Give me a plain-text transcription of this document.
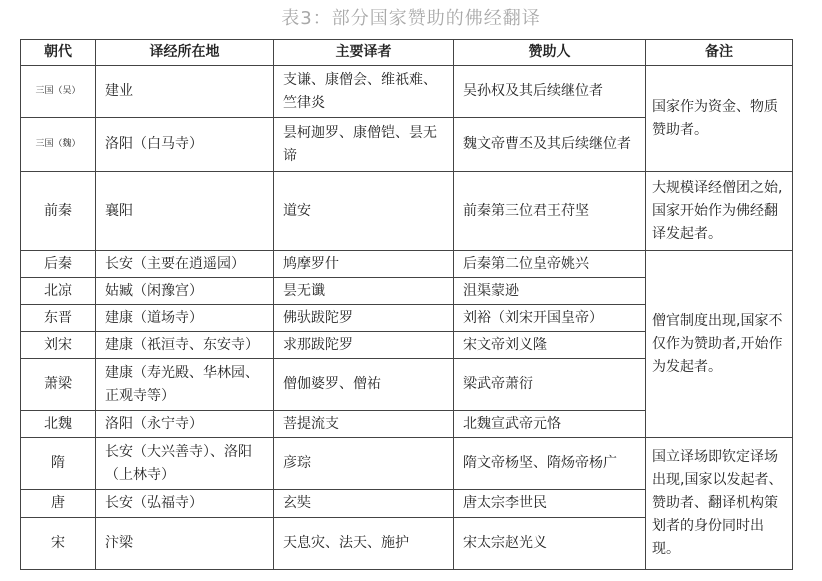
表3：部分国家赞助的佛经翻译
朝代	译经所在地	主要译者	赞助人	备注
三国（吴）	建业	支谦、康僧会、维祇难、竺律炎	吴孙权及其后续继位者	国家作为资金、物质赞助者。
三国（魏）	洛阳（白马寺）	昙柯迦罗、康僧铠、昙无谛	魏文帝曹丕及其后续继位者	
前秦	襄阳	道安	前秦第三位君王苻坚	大规模译经僧团之始,国家开始作为佛经翻译发起者。
后秦	长安（主要在逍遥园）	鸠摩罗什	后秦第二位皇帝姚兴	僧官制度出现,国家不仅作为赞助者,开始作为发起者。
北凉	姑臧（闲豫宫）	昙无谶	沮渠蒙逊	
东晋	建康（道场寺）	佛驮跋陀罗	刘裕（刘宋开国皇帝）	
刘宋	建康（祇洹寺、东安寺）	求那跋陀罗	宋文帝刘义隆	
萧梁	建康（寿光殿、华林园、正观寺等）	僧伽婆罗、僧祐	梁武帝萧衍	
北魏	洛阳（永宁寺）	菩提流支	北魏宣武帝元恪	
隋	长安（大兴善寺）、洛阳（上林寺）	彦琮	隋文帝杨坚、隋炀帝杨广	国立译场即钦定译场出现,国家以发起者、赞助者、翻译机构策划者的身份同时出现。
唐	长安（弘福寺）	玄奘	唐太宗李世民	
宋	汴梁	天息灾、法天、施护	宋太宗赵光义	
